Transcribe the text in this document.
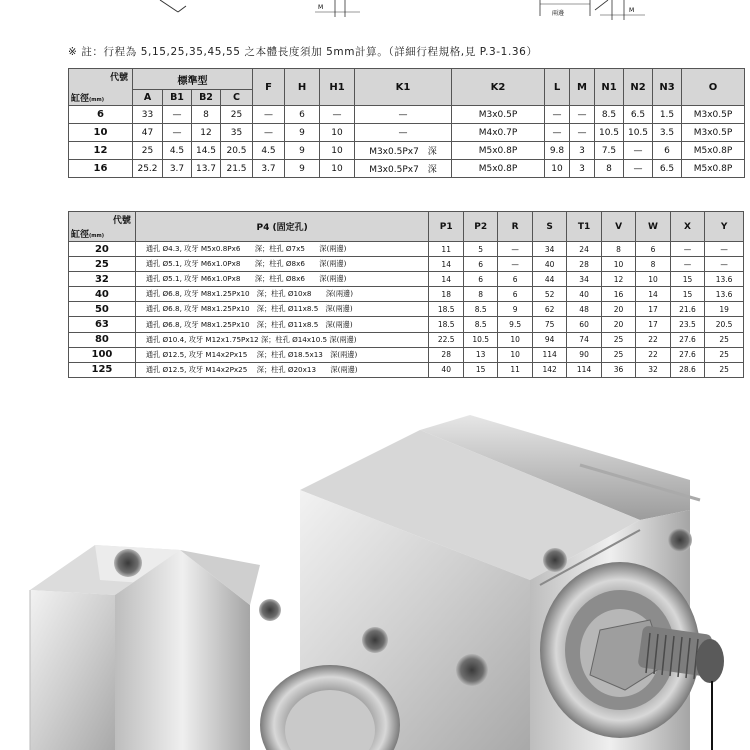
M
兩邊	M
※ 註：行程為 5,15,25,35,45,55 之本體長度須加 5mm計算。（詳細行程規格,見 P.3-1.36）
代號
缸徑(mm)	標準型				F	H	H1	K1	K2	L	M	N1	N2	N3	O
	A	B1	B2	C											
6	33	—	8	25	—	6	—	—	M3x0.5P	—	—	8.5	6.5	1.5	M3x0.5P
10	47	—	12	35	—	9	10	—	M4x0.7P	—	—	10.5	10.5	3.5	M3x0.5P
12	25	4.5	14.5	20.5	4.5	9	10	M3x0.5Px7　深	M5x0.8P	9.8	3	7.5	—	6	M5x0.8P
16	25.2	3.7	13.7	21.5	3.7	9	10	M3x0.5Px7　深	M5x0.8P	10	3	8	—	6.5	M5x0.8P
代號
缸徑(mm)	P4 (固定孔)	P1	P2	R	S	T1	V	W	X	Y
20	通孔 Ø4.3, 攻牙 M5x0.8Px6　　深；柱孔 Ø7x5　　深(兩邊)	11	5	—	34	24	8	6	—	—
25	通孔 Ø5.1, 攻牙 M6x1.0Px8　　深；柱孔 Ø8x6　　深(兩邊)	14	6	—	40	28	10	8	—	—
32	通孔 Ø5.1, 攻牙 M6x1.0Px8　　深；柱孔 Ø8x6　　深(兩邊)	14	6	6	44	34	12	10	15	13.6
40	通孔 Ø6.8, 攻牙 M8x1.25Px10　深；柱孔 Ø10x8　　深(兩邊)	18	8	6	52	40	16	14	15	13.6
50	通孔 Ø6.8, 攻牙 M8x1.25Px10　深；柱孔 Ø11x8.5　深(兩邊)	18.5	8.5	9	62	48	20	17	21.6	19
63	通孔 Ø6.8, 攻牙 M8x1.25Px10　深；柱孔 Ø11x8.5　深(兩邊)	18.5	8.5	9.5	75	60	20	17	23.5	20.5
80	通孔 Ø10.4, 攻牙 M12x1.75Px12 深；柱孔 Ø14x10.5 深(兩邊)	22.5	10.5	10	94	74	25	22	27.6	25
100	通孔 Ø12.5, 攻牙 M14x2Px15　 深；柱孔 Ø18.5x13　深(兩邊)	28	13	10	114	90	25	22	27.6	25
125	通孔 Ø12.5, 攻牙 M14x2Px25　 深；柱孔 Ø20x13　　深(兩邊)	40	15	11	142	114	36	32	28.6	25
